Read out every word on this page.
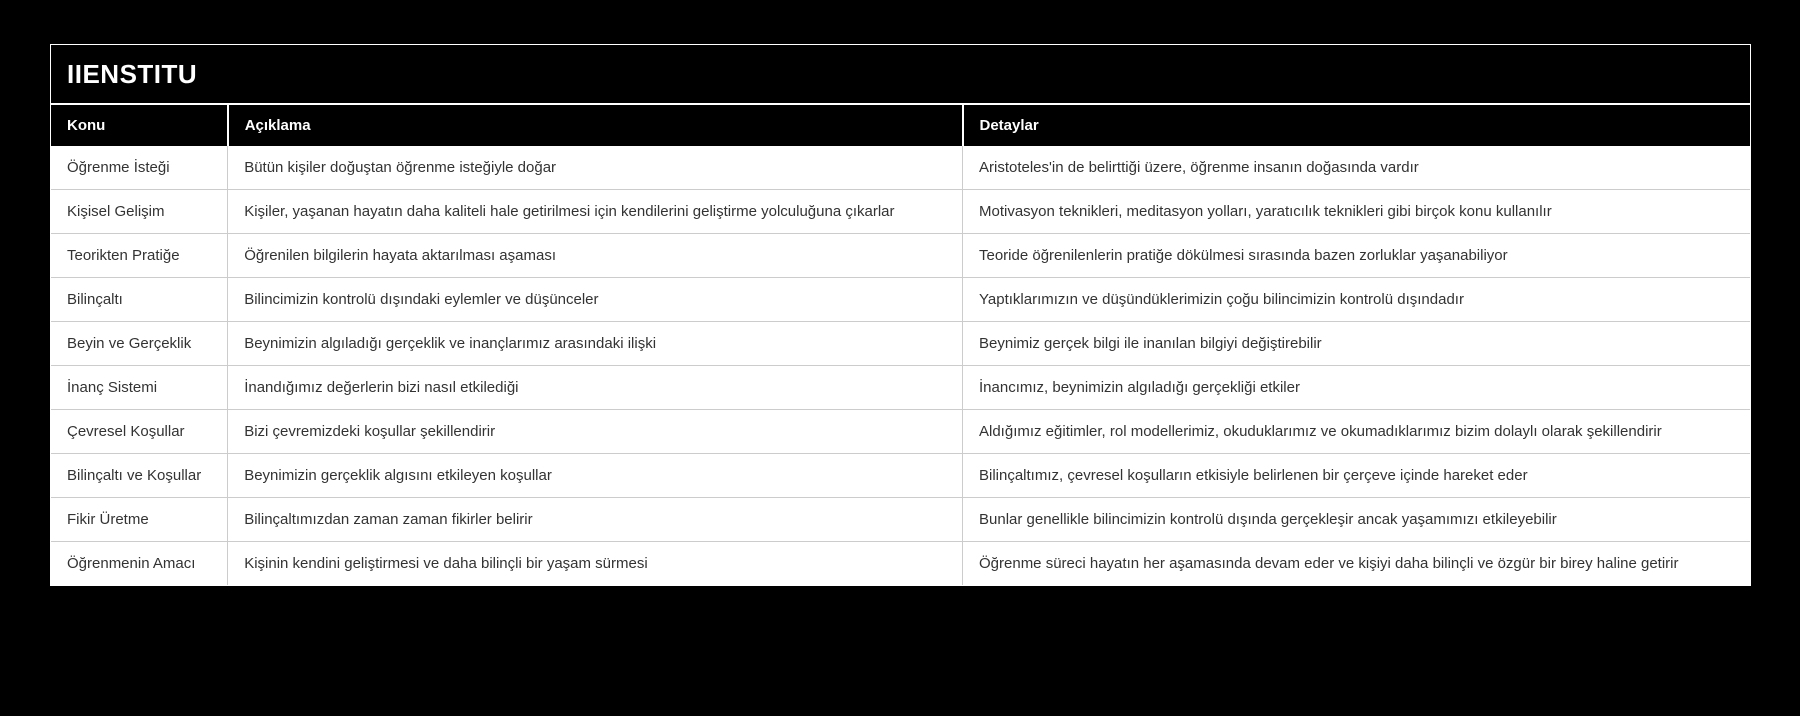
IIENSTITU
Konu	Açıklama	Detaylar
Öğrenme İsteği	Bütün kişiler doğuştan öğrenme isteğiyle doğar	Aristoteles'in de belirttiği üzere, öğrenme insanın doğasında vardır
Kişisel Gelişim	Kişiler, yaşanan hayatın daha kaliteli hale getirilmesi için kendilerini geliştirme yolculuğuna çıkarlar	Motivasyon teknikleri, meditasyon yolları, yaratıcılık teknikleri gibi birçok konu kullanılır
Teorikten Pratiğe	Öğrenilen bilgilerin hayata aktarılması aşaması	Teoride öğrenilenlerin pratiğe dökülmesi sırasında bazen zorluklar yaşanabiliyor
Bilinçaltı	Bilincimizin kontrolü dışındaki eylemler ve düşünceler	Yaptıklarımızın ve düşündüklerimizin çoğu bilincimizin kontrolü dışındadır
Beyin ve Gerçeklik	Beynimizin algıladığı gerçeklik ve inançlarımız arasındaki ilişki	Beynimiz gerçek bilgi ile inanılan bilgiyi değiştirebilir
İnanç Sistemi	İnandığımız değerlerin bizi nasıl etkilediği	İnancımız, beynimizin algıladığı gerçekliği etkiler
Çevresel Koşullar	Bizi çevremizdeki koşullar şekillendirir	Aldığımız eğitimler, rol modellerimiz, okuduklarımız ve okumadıklarımız bizim dolaylı olarak şekillendirir
Bilinçaltı ve Koşullar	Beynimizin gerçeklik algısını etkileyen koşullar	Bilinçaltımız, çevresel koşulların etkisiyle belirlenen bir çerçeve içinde hareket eder
Fikir Üretme	Bilinçaltımızdan zaman zaman fikirler belirir	Bunlar genellikle bilincimizin kontrolü dışında gerçekleşir ancak yaşamımızı etkileyebilir
Öğrenmenin Amacı	Kişinin kendini geliştirmesi ve daha bilinçli bir yaşam sürmesi	Öğrenme süreci hayatın her aşamasında devam eder ve kişiyi daha bilinçli ve özgür bir birey haline getirir
